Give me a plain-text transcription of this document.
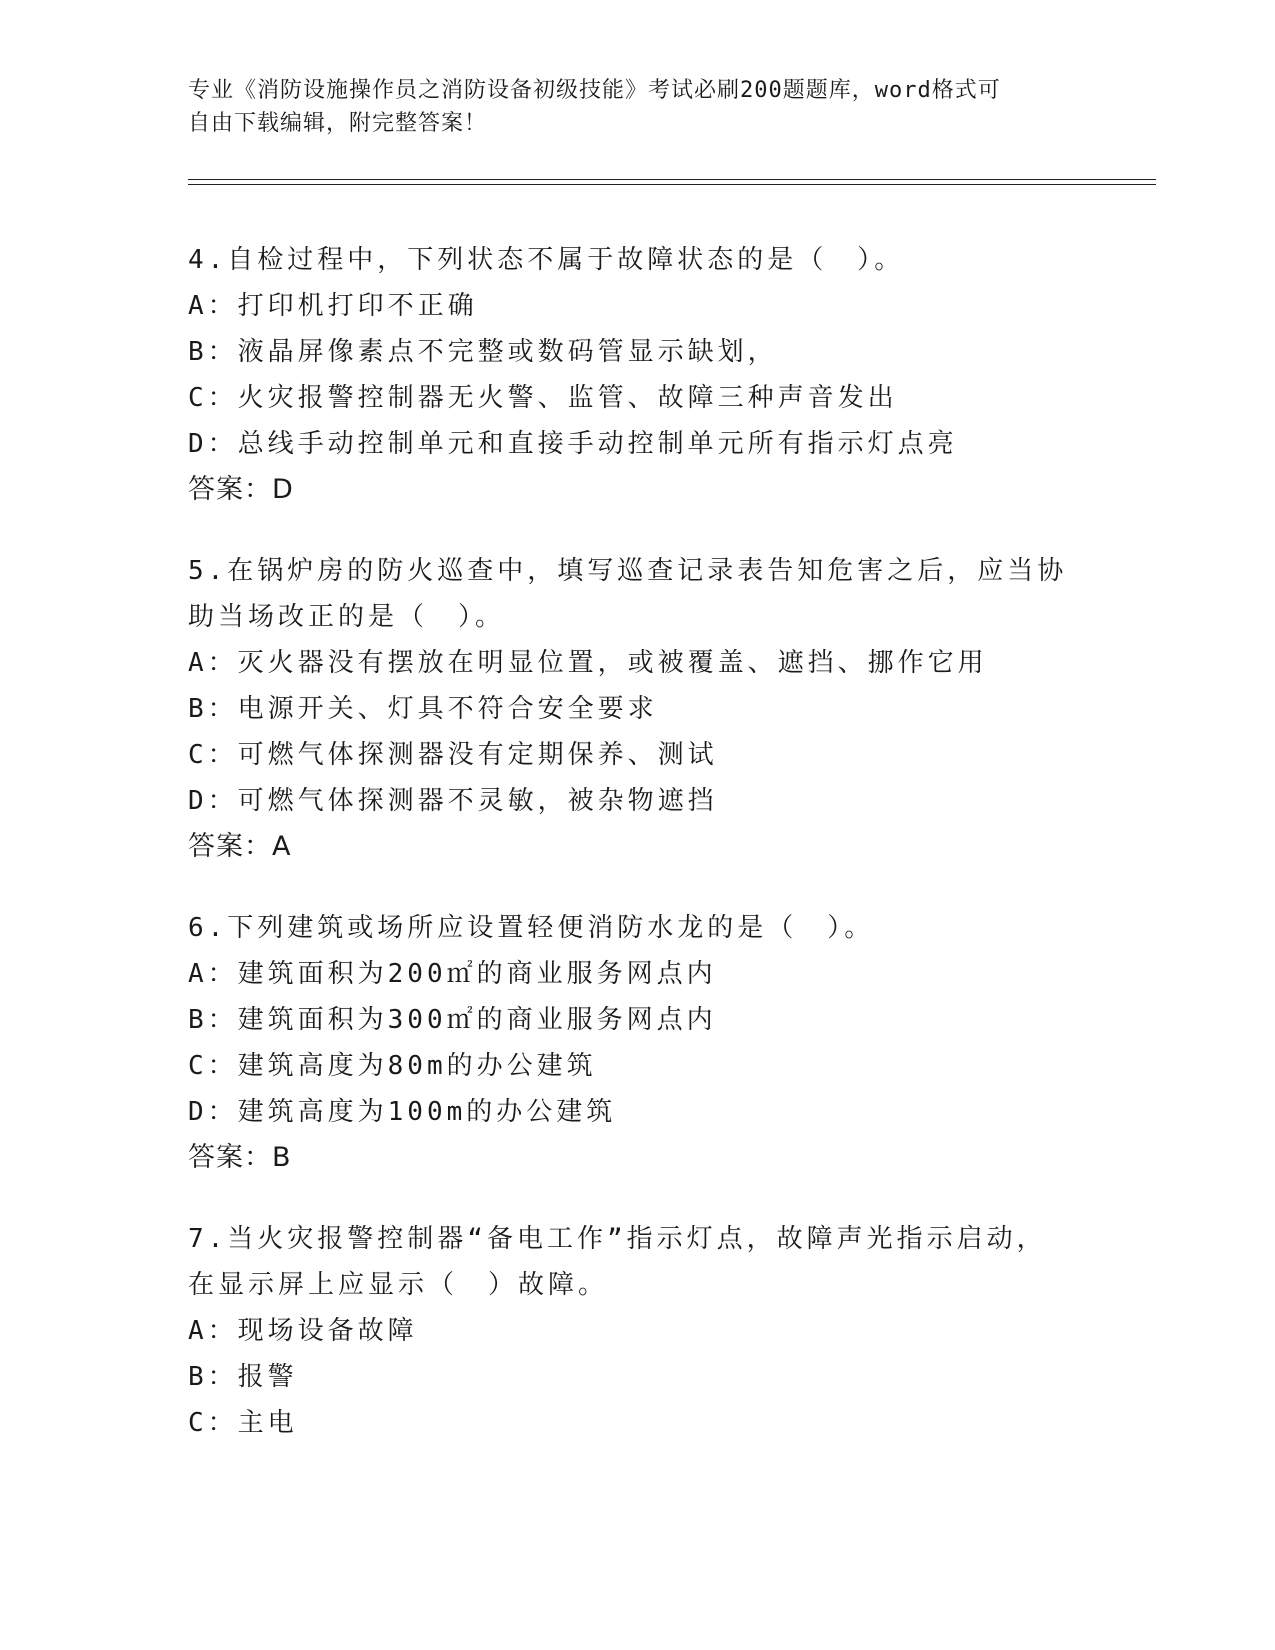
专业《消防设施操作员之消防设备初级技能》考试必刷200题题库，word格式可
自由下载编辑，附完整答案！
4.自检过程中，下列状态不属于故障状态的是（　）。
A：打印机打印不正确
B：液晶屏像素点不完整或数码管显示缺划，
C：火灾报警控制器无火警、监管、故障三种声音发出
D：总线手动控制单元和直接手动控制单元所有指示灯点亮
答案：D
5.在锅炉房的防火巡查中，填写巡查记录表告知危害之后，应当协助当场改正的是（　）。
A：灭火器没有摆放在明显位置，或被覆盖、遮挡、挪作它用
B：电源开关、灯具不符合安全要求
C：可燃气体探测器没有定期保养、测试
D：可燃气体探测器不灵敏，被杂物遮挡
答案：A
6.下列建筑或场所应设置轻便消防水龙的是（　）。
A：建筑面积为200㎡的商业服务网点内
B：建筑面积为300㎡的商业服务网点内
C：建筑高度为80m的办公建筑
D：建筑高度为100m的办公建筑
答案：B
7.当火灾报警控制器“备电工作”指示灯点，故障声光指示启动，在显示屏上应显示（　）故障。
A：现场设备故障
B：报警
C：主电
